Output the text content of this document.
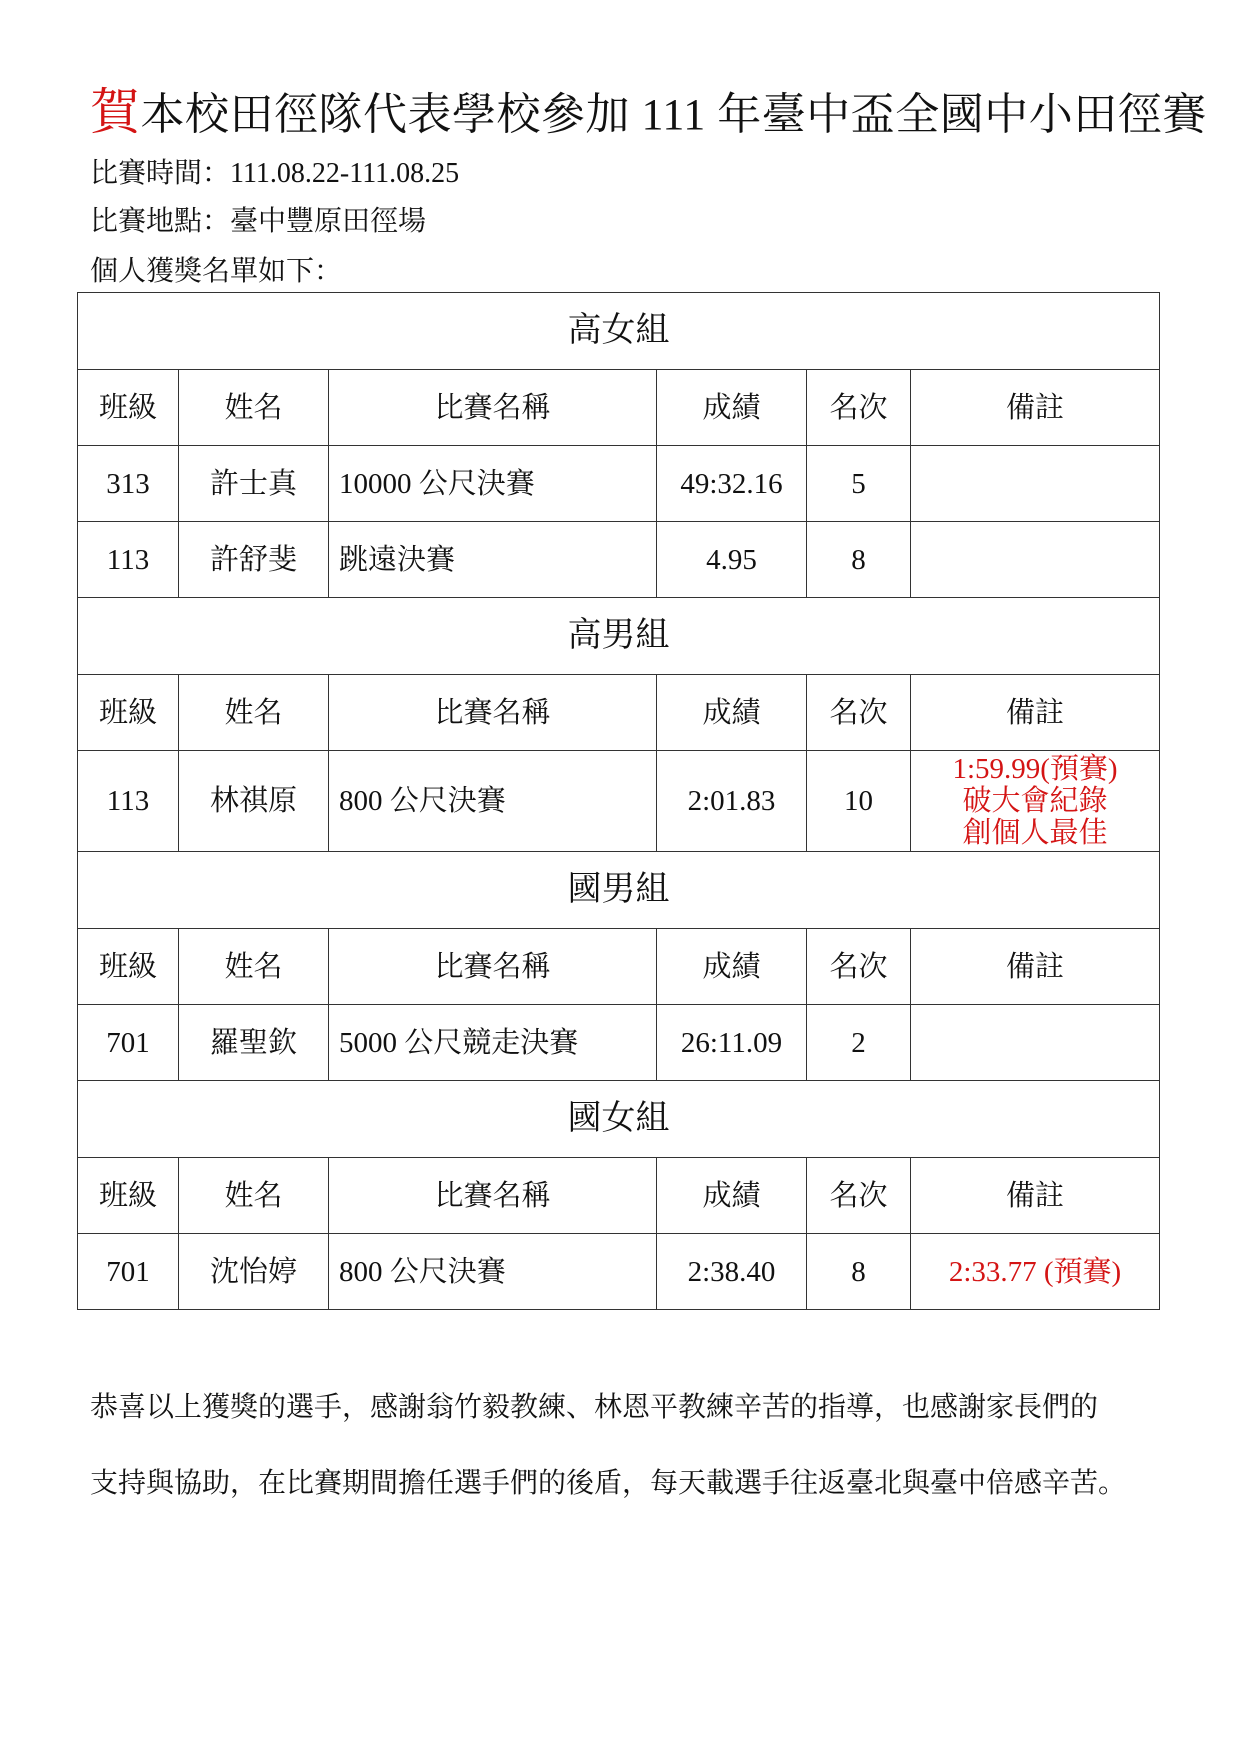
賀本校田徑隊代表學校參加 111 年臺中盃全國中小田徑賽
比賽時間：111.08.22-111.08.25
比賽地點：臺中豐原田徑場
個人獲獎名單如下：
高女組					
班級	姓名	比賽名稱	成績	名次	備註
313	許士真	10000 公尺決賽	49:32.16	5	
113	許舒斐	跳遠決賽	4.95	8	
高男組					
班級	姓名	比賽名稱	成績	名次	備註
113	林祺原	800 公尺決賽	2:01.83	10	1:59.99(預賽)
破大會紀錄
創個人最佳

國男組					
班級	姓名	比賽名稱	成績	名次	備註
701	羅聖欽	5000 公尺競走決賽	26:11.09	2	
國女組					
班級	姓名	比賽名稱	成績	名次	備註
701	沈怡婷	800 公尺決賽	2:38.40	8	2:33.77 (預賽)
恭喜以上獲獎的選手，感謝翁竹毅教練、林恩平教練辛苦的指導，也感謝家長們的
支持與協助，在比賽期間擔任選手們的後盾，每天載選手往返臺北與臺中倍感辛苦。
